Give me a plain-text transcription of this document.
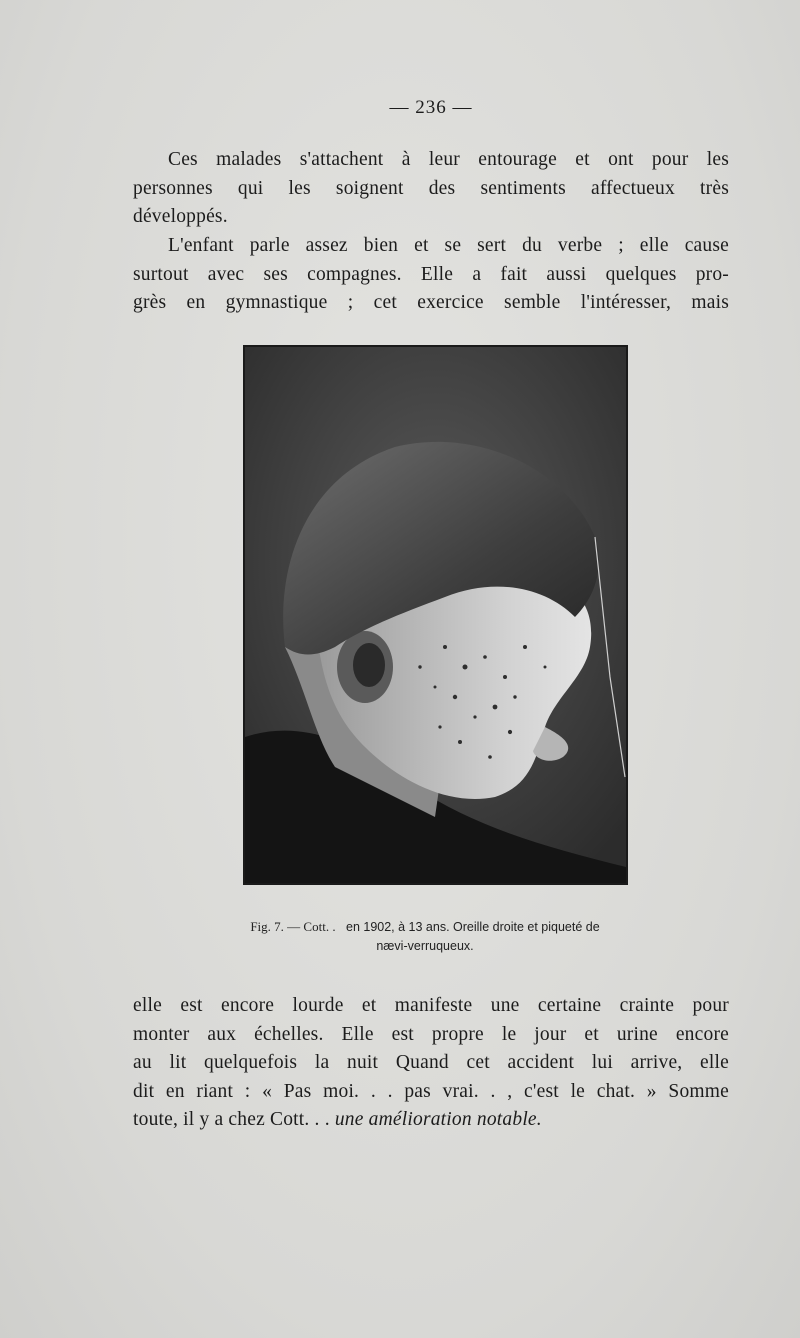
— 236 —
Ces malades s'attachent à leur entourage et ont pour les
personnes qui les soignent des sentiments affectueux très
développés.
L'enfant parle assez bien et se sert du verbe ; elle cause
surtout avec ses compagnes. Elle a fait aussi quelques pro-
grès en gymnastique ; cet exercice semble l'intéresser, mais
Fig. 7. — Cott. . en 1902, à 13 ans. Oreille droite et piqueté de
nævi-verruqueux.
elle est encore lourde et manifeste une certaine crainte pour
monter aux échelles. Elle est propre le jour et urine encore
au lit quelquefois la nuit Quand cet accident lui arrive, elle
dit en riant : « Pas moi. . . pas vrai. . , c'est le chat. » Somme
toute, il y a chez Cott. . . une amélioration notable.
